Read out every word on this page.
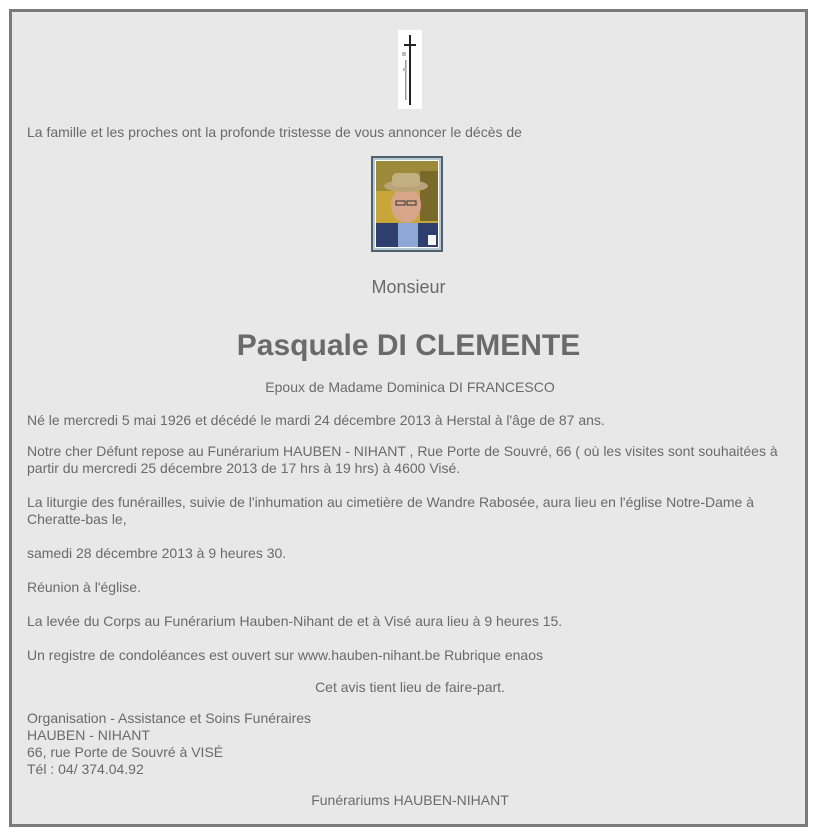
La famille et les proches ont la profonde tristesse de vous annoncer le décès de

Monsieur

Pasquale DI CLEMENTE

Epoux de Madame Dominica DI FRANCESCO

Né le mercredi 5 mai 1926 et décédé le mardi 24 décembre 2013 à Herstal à l'âge de 87 ans.

Notre cher Défunt repose au Funérarium HAUBEN - NIHANT , Rue Porte de Souvré, 66 ( où les visites sont souhaitées à partir du mercredi 25 décembre 2013 de 17 hrs à 19 hrs) à 4600 Visé.

La liturgie des funérailles, suivie de l'inhumation au cimetière de Wandre Rabosée, aura lieu en l'église Notre-Dame à Cheratte-bas le,

samedi 28 décembre 2013 à 9 heures 30.

Réunion à l'église.

La levée du Corps au Funérarium Hauben-Nihant de et à Visé aura lieu à 9 heures 15.

Un registre de condoléances est ouvert sur www.hauben-nihant.be Rubrique enaos

Cet avis tient lieu de faire-part.

Organisation - Assistance et Soins Funéraires
HAUBEN - NIHANT
66, rue Porte de Souvré à VISÉ
Tél : 04/ 374.04.92

Funérariums HAUBEN-NIHANT
